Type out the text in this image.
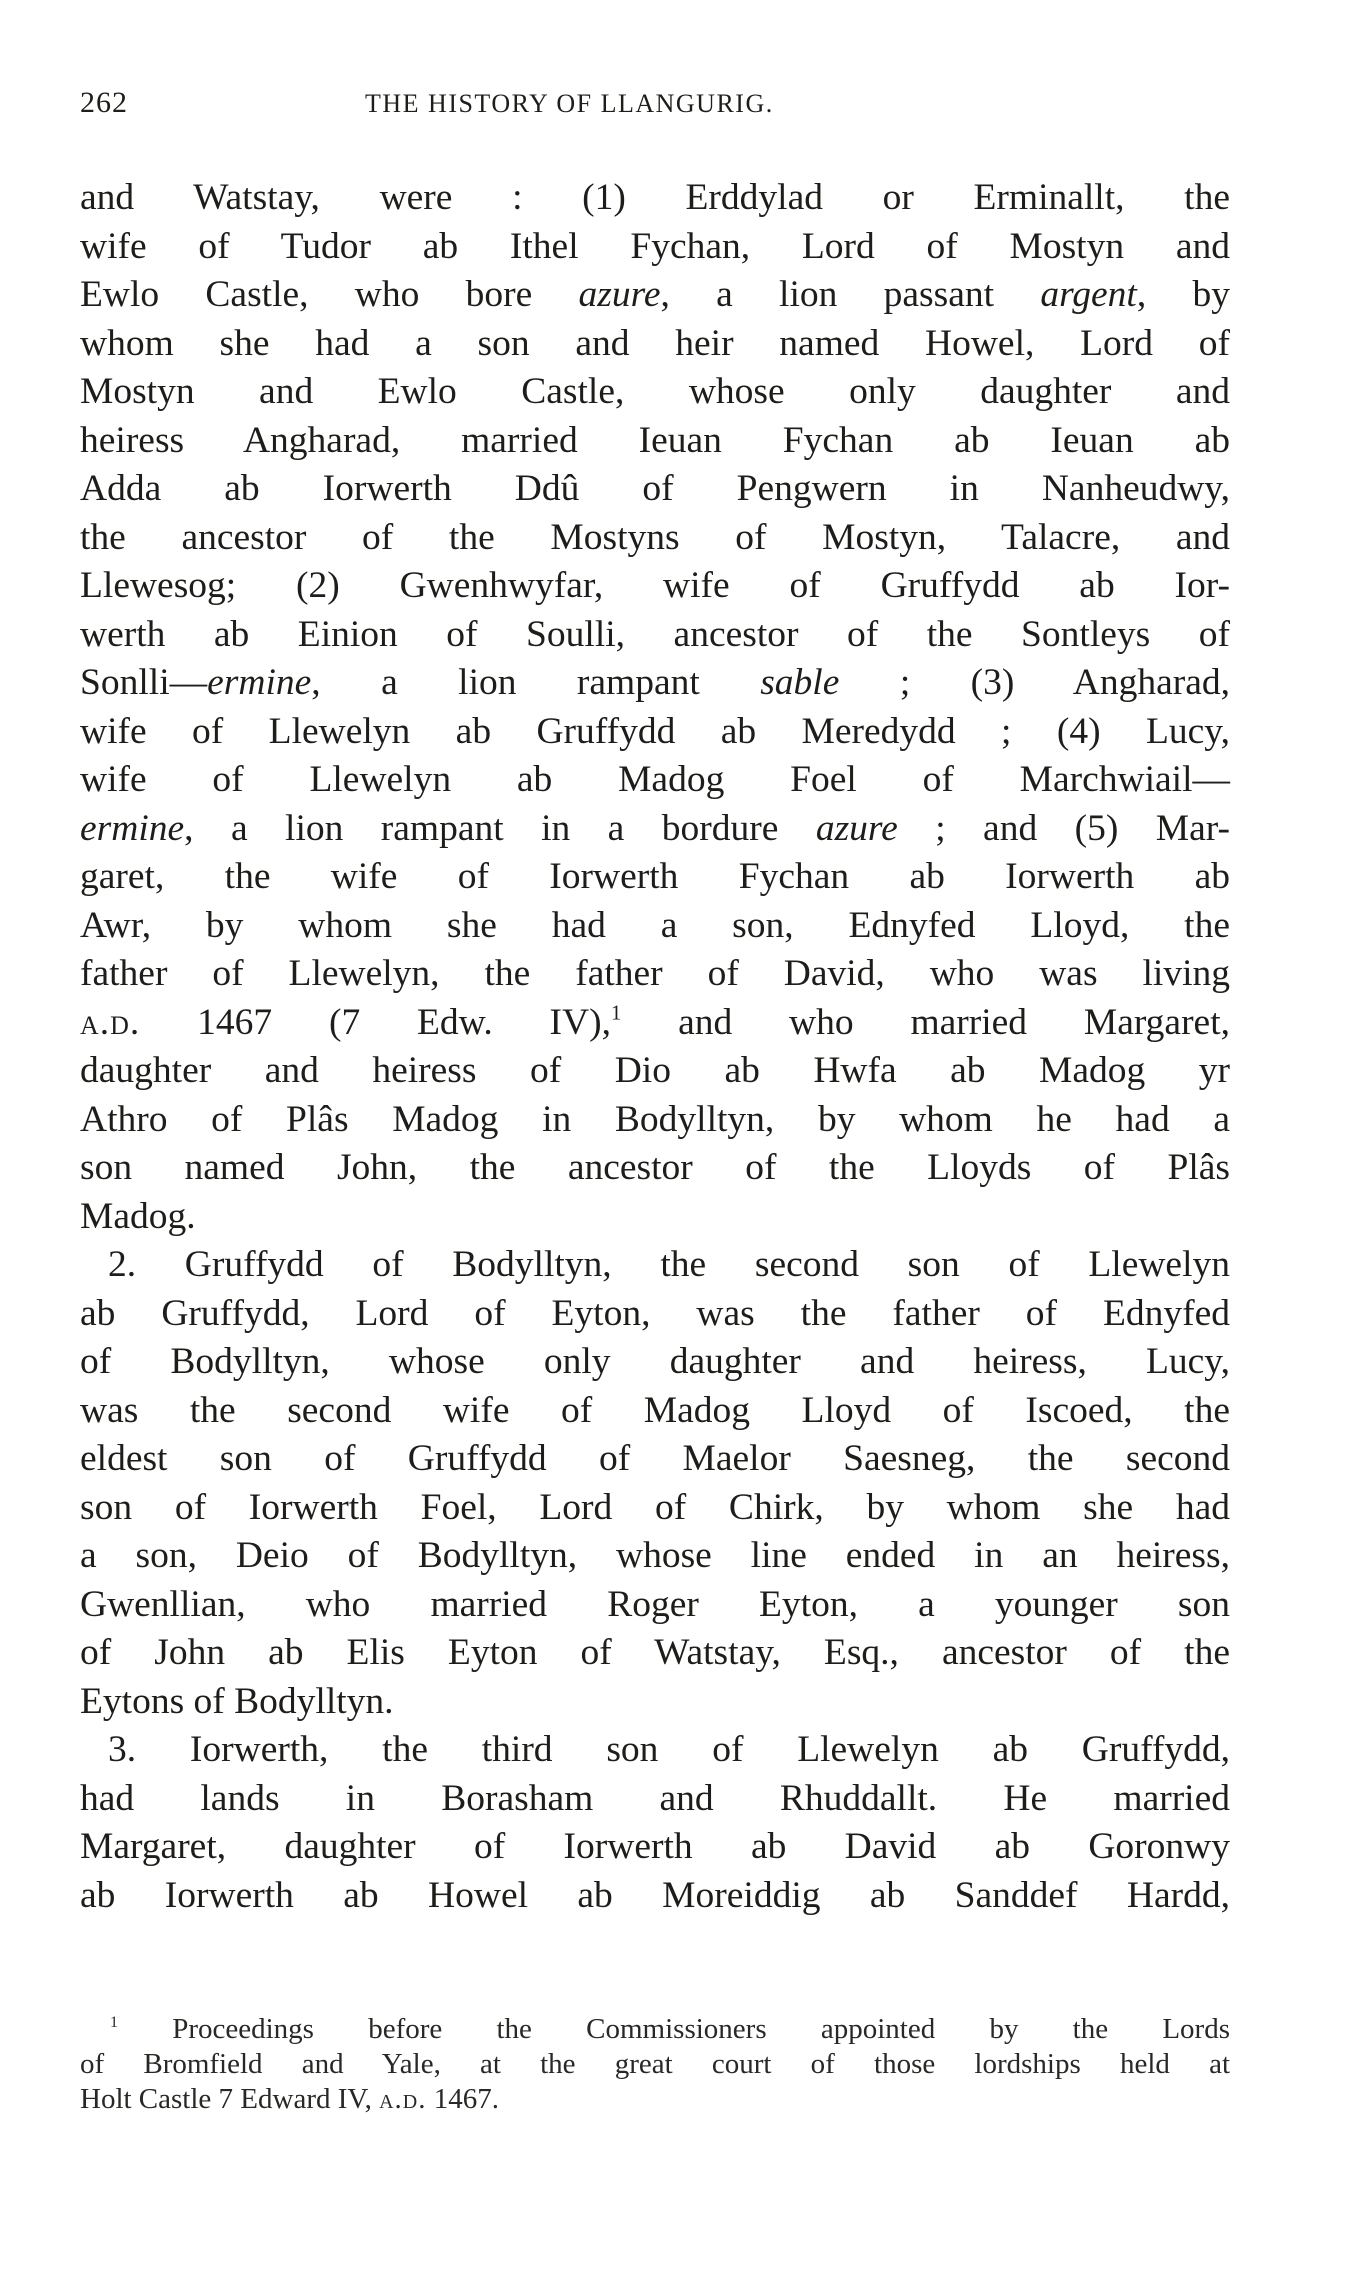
262	THE HISTORY OF LLANGURIG.
and Watstay, were : (1) Erddylad or Erminallt, the
wife of Tudor ab Ithel Fychan, Lord of Mostyn and
Ewlo Castle, who bore azure, a lion passant argent, by
whom she had a son and heir named Howel, Lord of
Mostyn and Ewlo Castle, whose only daughter and
heiress Angharad, married Ieuan Fychan ab Ieuan ab
Adda ab Iorwerth Ddû of Pengwern in Nanheudwy,
the ancestor of the Mostyns of Mostyn, Talacre, and
Llewesog; (2) Gwenhwyfar, wife of Gruffydd ab Ior-
werth ab Einion of Soulli, ancestor of the Sontleys of
Sonlli—ermine, a lion rampant sable ; (3) Angharad,
wife of Llewelyn ab Gruffydd ab Meredydd ; (4) Lucy,
wife of Llewelyn ab Madog Foel of Marchwiail—
ermine, a lion rampant in a bordure azure ; and (5) Mar-
garet, the wife of Iorwerth Fychan ab Iorwerth ab
Awr, by whom she had a son, Ednyfed Lloyd, the
father of Llewelyn, the father of David, who was living
a.d. 1467 (7 Edw. IV),$^1$ and who married Margaret,
daughter and heiress of Dio ab Hwfa ab Madog yr
Athro of Plâs Madog in Bodylltyn, by whom he had a
son named John, the ancestor of the Lloyds of Plâs
Madog.
2. Gruffydd of Bodylltyn, the second son of Llewelyn
ab Gruffydd, Lord of Eyton, was the father of Ednyfed
of Bodylltyn, whose only daughter and heiress, Lucy,
was the second wife of Madog Lloyd of Iscoed, the
eldest son of Gruffydd of Maelor Saesneg, the second
son of Iorwerth Foel, Lord of Chirk, by whom she had
a son, Deio of Bodylltyn, whose line ended in an heiress,
Gwenllian, who married Roger Eyton, a younger son
of John ab Elis Eyton of Watstay, Esq., ancestor of the
Eytons of Bodylltyn.
3. Iorwerth, the third son of Llewelyn ab Gruffydd,
had lands in Borasham and Rhuddallt. He married
Margaret, daughter of Iorwerth ab David ab Goronwy
ab Iorwerth ab Howel ab Moreiddig ab Sanddef Hardd,
$^1$ Proceedings before the Commissioners appointed by the Lords
of Bromfield and Yale, at the great court of those lordships held at
Holt Castle 7 Edward IV, a.d. 1467.
